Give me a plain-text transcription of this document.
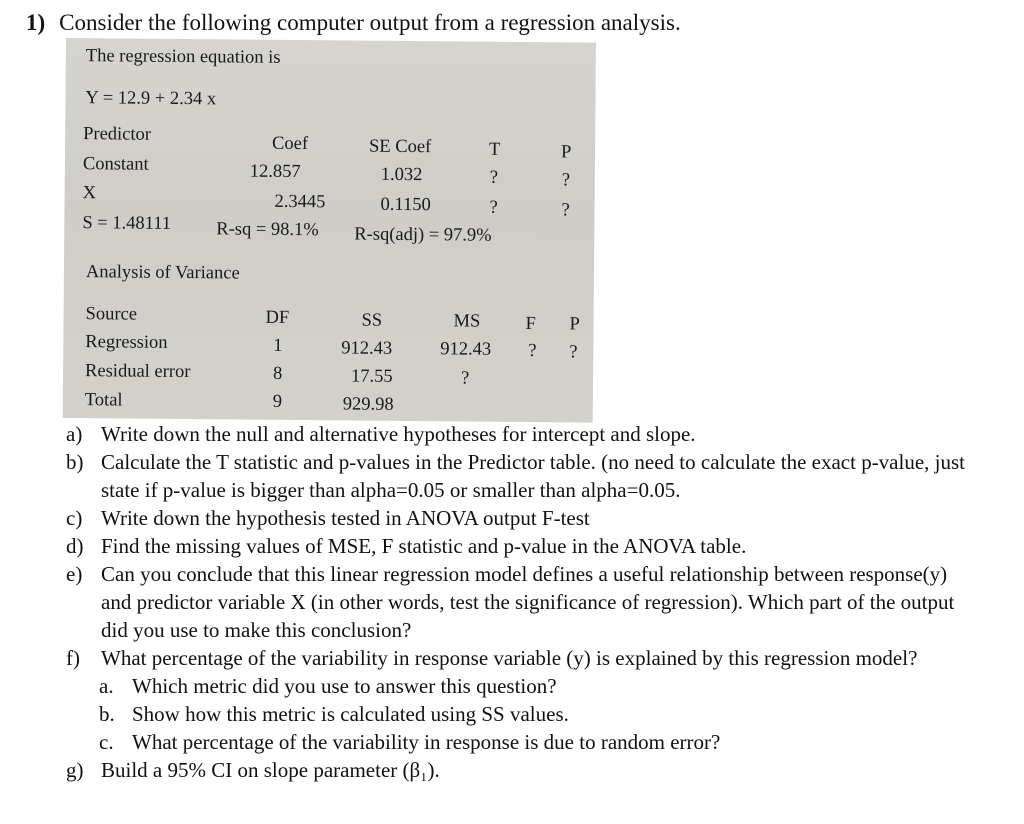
1) Consider the following computer output from a regression analysis.
The regression equation is
Y = 12.9 + 2.34 x
Predictor	Coef	SE Coef	T	P
Constant	12.857	1.032	?	?
X	2.3445	0.1150	?	?
S = 1.48111 R-sq = 98.1% R-sq(adj) = 97.9%
Analysis of Variance
Source	DF	SS	MS F P
Regression	1	912.43	912.43 ? ?
Residual error	8	17.55	?
Total	9	929.98
a) Write down the null and alternative hypotheses for intercept and slope.
b) Calculate the T statistic and p-values in the Predictor table. (no need to calculate the exact p-value, just state if p-value is bigger than alpha=0.05 or smaller than alpha=0.05.
c) Write down the hypothesis tested in ANOVA output F-test
d) Find the missing values of MSE, F statistic and p-value in the ANOVA table.
e) Can you conclude that this linear regression model defines a useful relationship between response(y) and predictor variable X (in other words, test the significance of regression). Which part of the output did you use to make this conclusion?
f) What percentage of the variability in response variable (y) is explained by this regression model?
a. Which metric did you use to answer this question?
b. Show how this metric is calculated using SS values.
c. What percentage of the variability in response is due to random error?
g) Build a 95% CI on slope parameter (β₁).
